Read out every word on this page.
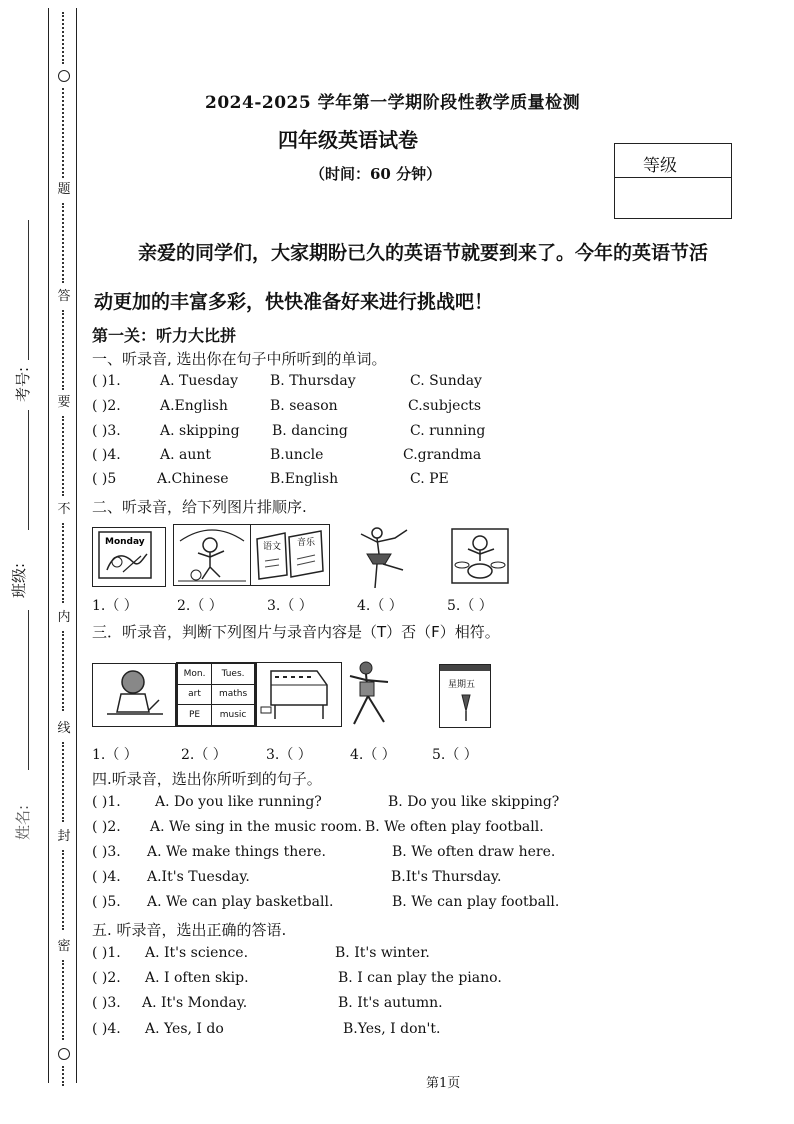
题
答
要
不
内
线
封
密
考号:
班级:
姓名:
2024-2025 学年第一学期阶段性教学质量检测
四年级英语试卷
（时间：60 分钟）	等级
亲爱的同学们，大家期盼已久的英语节就要到来了。今年的英语节活
动更加的丰富多彩，快快准备好来进行挑战吧！
第一关：听力大比拼
一、听录音, 选出你在句子中所听到的单词。
( )1.	A. Tuesday B. Thursday	C. Sunday
( )2.	A.English	B. season	C.subjects
( )3.	A. skipping B. dancing	C. running
( )4.	A. aunt	B.uncle	C.grandma
( )5	A.Chinese	B.English	C. PE
二、听录音，给下列图片排顺序.
Monday	语文 音乐
1.（ ）	2.（ ）	3.（ ）	4.（ ）	5.（ ）
三．听录音，判断下列图片与录音内容是（T）否（F）相符。
Mon.	Tues.
art	maths
PE	music
星期五
1.（ ）	2.（ ）	3.（ ）	4.（ ）	5.（ ）
四.听录音，选出你所听到的句子。
( )1. A. Do you like running?	B. Do you like skipping?
( )2. A. We sing in the music room. B. We often play football.
( )3. A. We make things there.	B. We often draw here.
( )4. A.It's Tuesday.	B.It's Thursday.
( )5. A. We can play basketball.	B. We can play football.
五. 听录音，选出正确的答语.
( )1. A. It's science.	B. It's winter.
( )2. A. I often skip.	B. I can play the piano.
( )3. A. It's Monday.	B. It's autumn.
( )4. A. Yes, I do	B.Yes, I don't.
第1页
